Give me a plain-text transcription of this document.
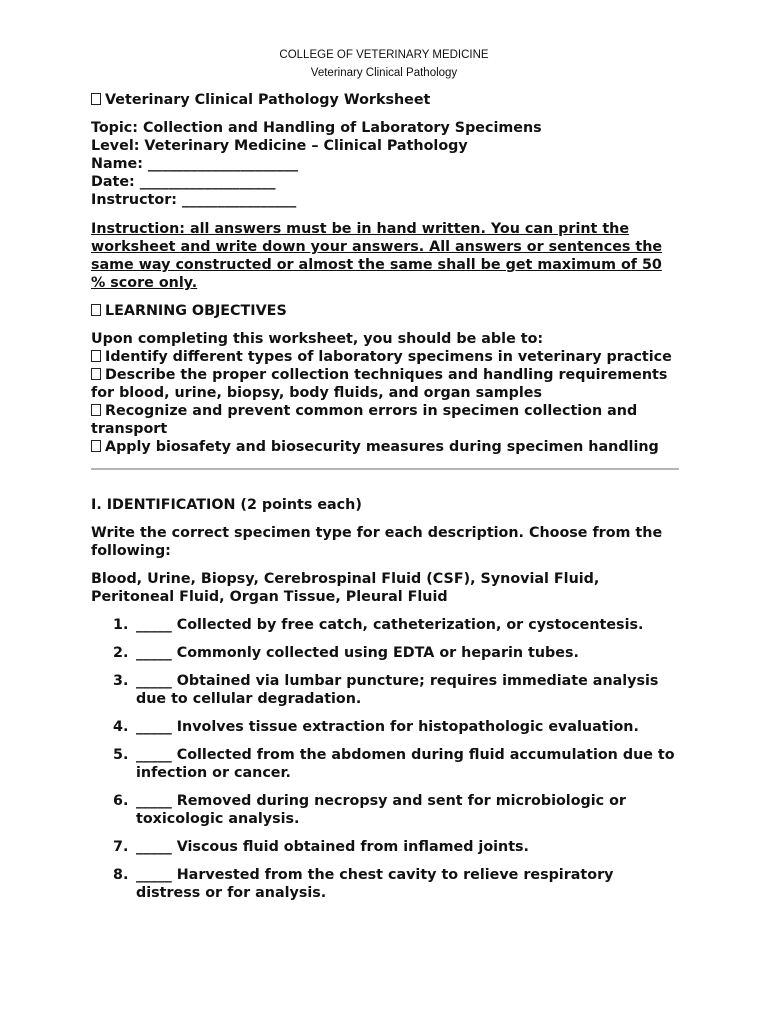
COLLEGE OF VETERINARY MEDICINE
Veterinary Clinical Pathology
Veterinary Clinical Pathology Worksheet
Topic: Collection and Handling of Laboratory Specimens
Level: Veterinary Medicine – Clinical Pathology
Name: _____________________
Date: ___________________
Instructor: ________________
Instruction: all answers must be in hand written. You can print the worksheet and write down your answers. All answers or sentences the same way constructed or almost the same shall be get maximum of 50 % score only.
LEARNING OBJECTIVES
Upon completing this worksheet, you should be able to:
Identify different types of laboratory specimens in veterinary practice
Describe the proper collection techniques and handling requirements for blood, urine, biopsy, body fluids, and organ samples
Recognize and prevent common errors in specimen collection and transport
Apply biosafety and biosecurity measures during specimen handling
I. IDENTIFICATION (2 points each)
Write the correct specimen type for each description. Choose from the following:
Blood, Urine, Biopsy, Cerebrospinal Fluid (CSF), Synovial Fluid, Peritoneal Fluid, Organ Tissue, Pleural Fluid
1. _____ Collected by free catch, catheterization, or cystocentesis.
2. _____ Commonly collected using EDTA or heparin tubes.
3. _____ Obtained via lumbar puncture; requires immediate analysis due to cellular degradation.
4. _____ Involves tissue extraction for histopathologic evaluation.
5. _____ Collected from the abdomen during fluid accumulation due to infection or cancer.
6. _____ Removed during necropsy and sent for microbiologic or toxicologic analysis.
7. _____ Viscous fluid obtained from inflamed joints.
8. _____ Harvested from the chest cavity to relieve respiratory distress or for analysis.
